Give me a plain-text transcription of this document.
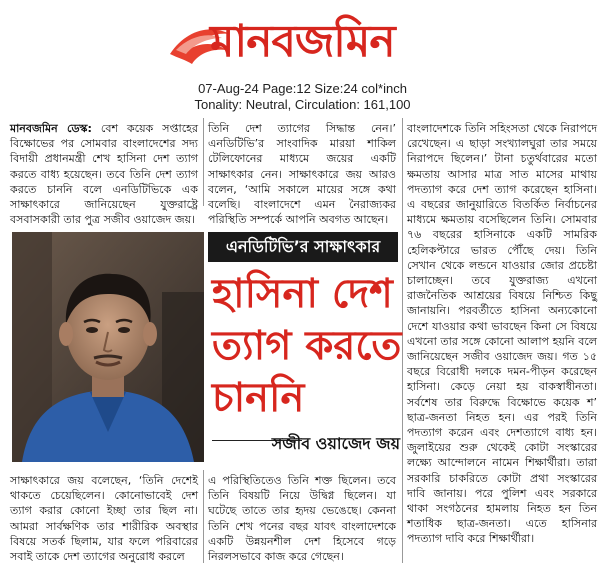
মানবজমিন
07-Aug-24 Page:12 Size:24 col*inch
Tonality: Neutral, Circulation: 161,100

মানবজমিন ডেস্ক: বেশ কয়েক সপ্তাহের বিক্ষোভের পর সোমবার বাংলাদেশের সদ্য বিদায়ী প্রধানমন্ত্রী শেখ হাসিনা দেশ ত্যাগ করতে বাধ্য হয়েছেন। তবে তিনি দেশ ত্যাগ করতে চাননি বলে এনডিটিভিকে এক সাক্ষাৎকারে জানিয়েছেন যুক্তরাষ্ট্রে বসবাসকারী তার পুত্র সজীব ওয়াজেদ জয়।

তিনি দেশ ত্যাগের সিদ্ধান্ত নেন।’ এনডিটিভি’র সাংবাদিক মারয়া শাকিল টেলিফোনের মাধ্যমে জয়ের একটি সাক্ষাৎকার নেন। সাক্ষাৎকারে জয় আরও বলেন, ‘আমি সকালে মায়ের সঙ্গে কথা বলেছি। বাংলাদেশে এমন নৈরাজ্যকর পরিস্থিতি সম্পর্কে আপনি অবগত আছেন।

বাংলাদেশকে তিনি সহিংসতা থেকে নিরাপদে রেখেছেন। এ ছাড়া সংখ্যালঘুরা তার সময়ে নিরাপদে ছিলেন।’ টানা চতুর্থবারের মতো ক্ষমতায় আসার মাত্র সাত মাসের মাথায় পদত্যাগ করে দেশ ত্যাগ করেছেন হাসিনা। এ বছরের জানুয়ারিতে বিতর্কিত নির্বাচনের মাধ্যমে ক্ষমতায় বসেছিলেন তিনি। সোমবার ৭৬ বছরের হাসিনাকে একটি সামরিক হেলিকপ্টারে ভারত পৌঁছে দেয়। তিনি সেখান থেকে লন্ডনে যাওয়ার জোর প্রচেষ্টা চালাচ্ছেন। তবে যুক্তরাজ্য এখনো রাজনৈতিক আশ্রয়ের বিষয়ে নিশ্চিত কিছু জানায়নি। পরবর্তীতে হাসিনা অন্যকোনো দেশে যাওয়ার কথা ভাবছেন কিনা সে বিষয়ে এখনো তার সঙ্গে কোনো আলাপ হয়নি বলে জানিয়েছেন সজীব ওয়াজেদ জয়। গত ১৫ বছরে বিরোধী দলকে দমন-পীড়ন করেছেন হাসিনা। কেড়ে নেয়া হয় বাকস্বাধীনতা। সর্বশেষ তার বিরুদ্ধে বিক্ষোভে কয়েক শ’ ছাত্র-জনতা নিহত হন। এর পরই তিনি পদত্যাগ করেন এবং দেশত্যাগে বাধ্য হন। জুলাইয়ের শুরু থেকেই কোটা সংস্কারের লক্ষ্যে আন্দোলনে নামেন শিক্ষার্থীরা। তারা সরকারি চাকরিতে কোটা প্রথা সংস্কারের দাবি জানায়। পরে পুলিশ এবং সরকারে থাকা সংগঠনের হামলায় নিহত হন তিন শতাধিক ছাত্র-জনতা। এতে হাসিনার পদত্যাগ দাবি করে শিক্ষার্থীরা।

এনডিটিভি’র সাক্ষাৎকার
হাসিনা দেশ
ত্যাগ করতে
চাননি
সজীব ওয়াজেদ জয়

সাক্ষাৎকারে জয় বলেছেন, ‘তিনি দেশেই থাকতে চেয়েছিলেন। কোনোভাবেই দেশ ত্যাগ করার কোনো ইচ্ছা তার ছিল না। আমরা সার্বক্ষণিক তার শারীরিক অবস্থার বিষয়ে সতর্ক ছিলাম, যার ফলে পরিবারের সবাই তাকে দেশ ত্যাগের অনুরোধ করলে

এ পরিস্থিতিতেও তিনি শক্ত ছিলেন। তবে তিনি বিষয়টি নিয়ে উদ্বিগ্ন ছিলেন। যা ঘটেছে তাতে তার হৃদয় ভেঙেছে। কেননা তিনি শেখ পনের বছর যাবৎ বাংলাদেশকে একটি উন্নয়নশীল দেশ হিসেবে গড়ে নিরলসভাবে কাজ করে গেছেন।
